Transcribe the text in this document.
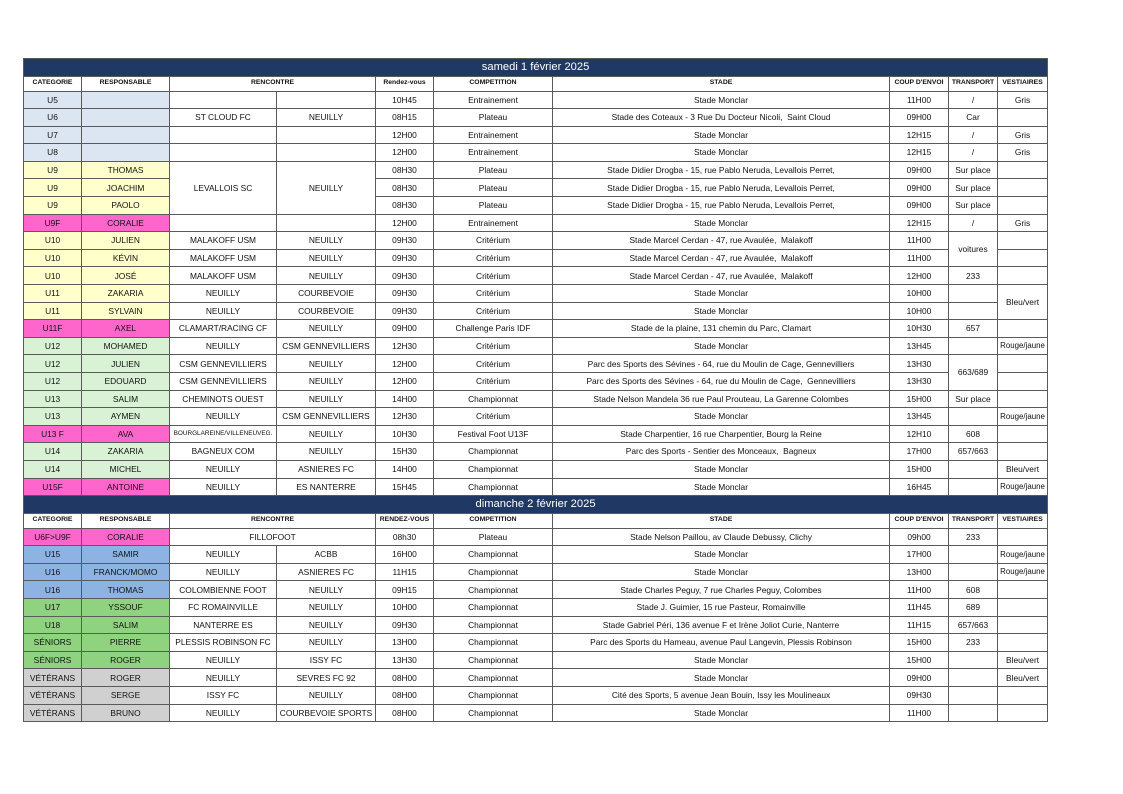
samedi 1 février 2025									
CATEGORIE	RESPONSABLE	RENCONTRE		Rendez-vous	COMPETITION	STADE	COUP D'ENVOI	TRANSPORT	VESTIAIRES
U5				10H45	Entrainement	Stade Monclar	11H00	/	Gris
U6		ST CLOUD FC	NEUILLY	08H15	Plateau	Stade des Coteaux - 3 Rue Du Docteur Nicoli,  Saint Cloud	09H00	Car	
U7				12H00	Entrainement	Stade Monclar	12H15	/	Gris
U8				12H00	Entrainement	Stade Monclar	12H15	/	Gris
U9	THOMAS	LEVALLOIS SC	NEUILLY	08H30	Plateau	Stade Didier Drogba - 15, rue Pablo Neruda, Levallois Perret,	09H00	Sur place	
U9	JOACHIM			08H30	Plateau	Stade Didier Drogba - 15, rue Pablo Neruda, Levallois Perret,	09H00	Sur place	
U9	PAOLO			08H30	Plateau	Stade Didier Drogba - 15, rue Pablo Neruda, Levallois Perret,	09H00	Sur place	
U9F	CORALIE			12H00	Entrainement	Stade Monclar	12H15	/	Gris
U10	JULIEN	MALAKOFF USM	NEUILLY	09H30	Critérium	Stade Marcel Cerdan - 47, rue Avaulée,  Malakoff	11H00	voitures	
U10	KÉVIN	MALAKOFF USM	NEUILLY	09H30	Critérium	Stade Marcel Cerdan - 47, rue Avaulée,  Malakoff	11H00		
U10	JOSÉ	MALAKOFF USM	NEUILLY	09H30	Critérium	Stade Marcel Cerdan - 47, rue Avaulée,  Malakoff	12H00	233	
U11	ZAKARIA	NEUILLY	COURBEVOIE	09H30	Critérium	Stade Monclar	10H00		Bleu/vert
U11	SYLVAIN	NEUILLY	COURBEVOIE	09H30	Critérium	Stade Monclar	10H00		
U11F	AXEL	CLAMART/RACING CF	NEUILLY	09H00	Challenge Paris IDF	Stade de la plaine, 131 chemin du Parc, Clamart	10H30	657	
U12	MOHAMED	NEUILLY	CSM GENNEVILLIERS	12H30	Critérium	Stade Monclar	13H45		Rouge/jaune
U12	JULIEN	CSM GENNEVILLIERS	NEUILLY	12H00	Critérium	Parc des Sports des Sévines - 64, rue du Moulin de Cage, Gennevilliers	13H30	663/689	
U12	EDOUARD	CSM GENNEVILLIERS	NEUILLY	12H00	Critérium	Parc des Sports des Sévines - 64, rue du Moulin de Cage,  Gennevilliers	13H30		
U13	SALIM	CHEMINOTS OUEST	NEUILLY	14H00	Championnat	Stade Nelson Mandela 36 rue Paul Prouteau, La Garenne Colombes	15H00	Sur place	
U13	AYMEN	NEUILLY	CSM GENNEVILLIERS	12H30	Critérium	Stade Monclar	13H45		Rouge/jaune
U13 F	AVA	BOURGLAREINE/VILLENEUVEG.	NEUILLY	10H30	Festival Foot U13F	Stade Charpentier, 16 rue Charpentier, Bourg la Reine	12H10	608	
U14	ZAKARIA	BAGNEUX COM	NEUILLY	15H30	Championnat	Parc des Sports - Sentier des Monceaux,  Bagneux	17H00	657/663	
U14	MICHEL	NEUILLY	ASNIERES FC	14H00	Championnat	Stade Monclar	15H00		Bleu/vert
U15F	ANTOINE	NEUILLY	ES NANTERRE	15H45	Championnat	Stade Monclar	16H45		Rouge/jaune
dimanche 2 février 2025									
CATEGORIE	RESPONSABLE	RENCONTRE		RENDEZ-VOUS	COMPETITION	STADE	COUP D'ENVOI	TRANSPORT	VESTIAIRES
U6F>U9F	CORALIE	FILLOFOOT		08h30	Plateau	Stade Nelson Paillou, av Claude Debussy, Clichy	09h00	233	
U15	SAMIR	NEUILLY	ACBB	16H00	Championnat	Stade Monclar	17H00		Rouge/jaune
U16	FRANCK/MOMO	NEUILLY	ASNIERES FC	11H15	Championnat	Stade Monclar	13H00		Rouge/jaune
U16	THOMAS	COLOMBIENNE FOOT	NEUILLY	09H15	Championnat	Stade Charles Peguy, 7 rue Charles Peguy, Colombes	11H00	608	
U17	YSSOUF	FC ROMAINVILLE	NEUILLY	10H00	Championnat	Stade J. Guimier, 15 rue Pasteur, Romainville	11H45	689	
U18	SALIM	NANTERRE ES	NEUILLY	09H30	Championnat	Stade Gabriel Péri, 136 avenue F et Irène Joliot Curie, Nanterre	11H15	657/663	
SÉNIORS	PIERRE	PLESSIS ROBINSON FC	NEUILLY	13H00	Championnat	Parc des Sports du Hameau, avenue Paul Langevin, Plessis Robinson	15H00	233	
SÉNIORS	ROGER	NEUILLY	ISSY FC	13H30	Championnat	Stade Monclar	15H00		Bleu/vert
VÉTÉRANS	ROGER	NEUILLY	SEVRES FC 92	08H00	Championnat	Stade Monclar	09H00		Bleu/vert
VÉTÉRANS	SERGE	ISSY FC	NEUILLY	08H00	Championnat	Cité des Sports, 5 avenue Jean Bouin, Issy les Moulineaux	09H30		
VÉTÉRANS	BRUNO	NEUILLY	COURBEVOIE SPORTS	08H00	Championnat	Stade Monclar	11H00		
